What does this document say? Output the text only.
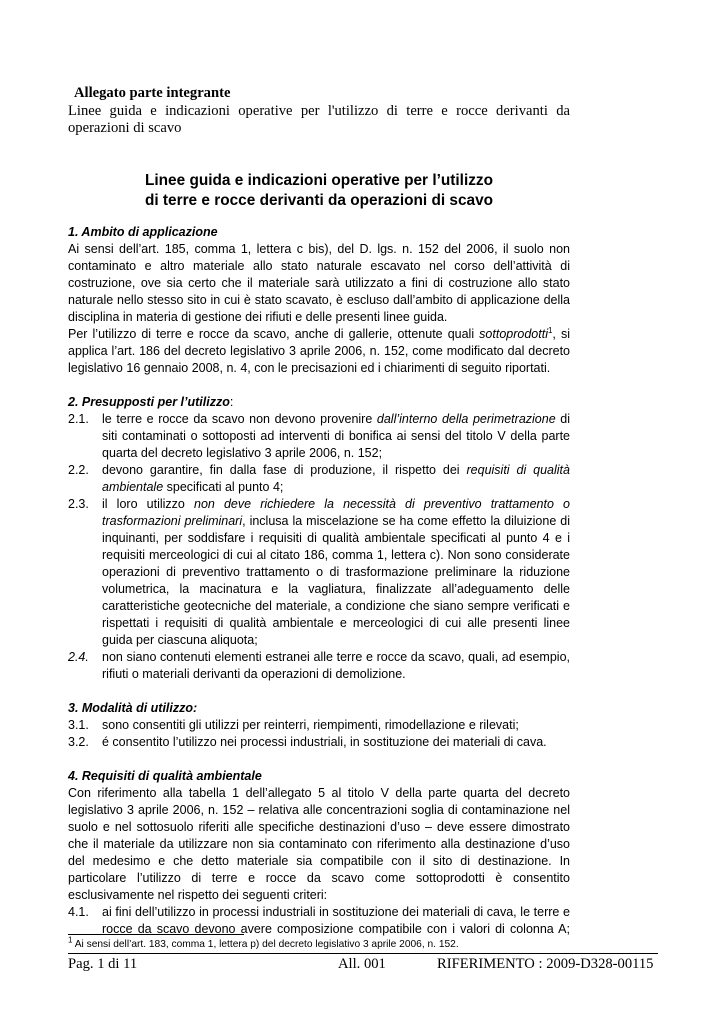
Allegato parte integrante
Linee guida e indicazioni operative per l'utilizzo di terre e rocce derivanti da operazioni di scavo
Linee guida e indicazioni operative per l’utilizzo
di terre e rocce derivanti da operazioni di scavo
1. Ambito di applicazione

Ai sensi dell’art. 185, comma 1, lettera c bis), del D. lgs. n. 152 del 2006, il suolo non contaminato e altro materiale allo stato naturale escavato nel corso dell’attività di costruzione, ove sia certo che il materiale sarà utilizzato a fini di costruzione allo stato naturale nello stesso sito in cui è stato scavato, è escluso dall’ambito di applicazione della disciplina in materia di gestione dei rifiuti e delle presenti linee guida.

Per l’utilizzo di terre e rocce da scavo, anche di gallerie, ottenute quali sottoprodotti$^1$, si applica l’art. 186 del decreto legislativo 3 aprile 2006, n. 152, come modificato dal decreto legislativo 16 gennaio 2008, n. 4, con le precisazioni ed i chiarimenti di seguito riportati.

2. Presupposti per l’utilizzo:
2.1.	le terre e rocce da scavo non devono provenire dall’interno della perimetrazione di siti contaminati o sottoposti ad interventi di bonifica ai sensi del titolo V della parte quarta del decreto legislativo 3 aprile 2006, n. 152;
2.2.	devono garantire, fin dalla fase di produzione, il rispetto dei requisiti di qualità ambientale specificati al punto 4;
2.3.	il loro utilizzo non deve richiedere la necessità di preventivo trattamento o trasformazioni preliminari, inclusa la miscelazione se ha come effetto la diluizione di inquinanti, per soddisfare i requisiti di qualità ambientale specificati al punto 4 e i requisiti merceologici di cui al citato 186, comma 1, lettera c). Non sono considerate operazioni di preventivo trattamento o di trasformazione preliminare la riduzione volumetrica, la macinatura e la vagliatura, finalizzate all’adeguamento delle caratteristiche geotecniche del materiale, a condizione che siano sempre verificati e rispettati i requisiti di qualità ambientale e merceologici di cui alle presenti linee guida per ciascuna aliquota;
2.4.	non siano contenuti elementi estranei alle terre e rocce da scavo, quali, ad esempio, rifiuti o materiali derivanti da operazioni di demolizione.
3. Modalità di utilizzo:
3.1.	sono consentiti gli utilizzi per reinterri, riempimenti, rimodellazione e rilevati;
3.2.	é consentito l’utilizzo nei processi industriali, in sostituzione dei materiali di cava.
4. Requisiti di qualità ambientale

Con riferimento alla tabella 1 dell’allegato 5 al titolo V della parte quarta del decreto legislativo 3 aprile 2006, n. 152 – relativa alle concentrazioni soglia di contaminazione nel suolo e nel sottosuolo riferiti alle specifiche destinazioni d’uso – deve essere dimostrato che il materiale da utilizzare non sia contaminato con riferimento alla destinazione d’uso del medesimo e che detto materiale sia compatibile con il sito di destinazione. In particolare l’utilizzo di terre e rocce da scavo come sottoprodotti è consentito esclusivamente nel rispetto dei seguenti criteri:

4.1.	ai fini dell’utilizzo in processi industriali in sostituzione dei materiali di cava, le terre e rocce da scavo devono avere composizione compatibile con i valori di colonna A;
$^1$ Ai sensi dell’art. 183, comma 1, lettera p) del decreto legislativo 3 aprile 2006, n. 152.
Pag. 1 di 11	All. 001	RIFERIMENTO : 2009-D328-00115
